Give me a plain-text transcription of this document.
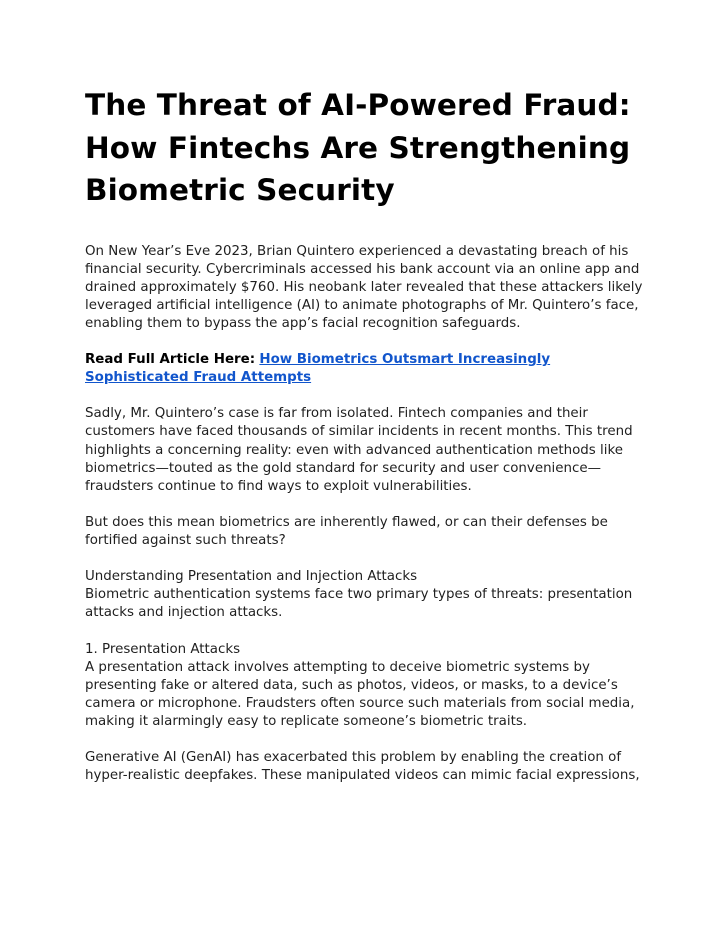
The Threat of AI-Powered Fraud: How Fintechs Are Strengthening Biometric Security

On New Year’s Eve 2023, Brian Quintero experienced a devastating breach of his financial security. Cybercriminals accessed his bank account via an online app and drained approximately $760. His neobank later revealed that these attackers likely leveraged artificial intelligence (AI) to animate photographs of Mr. Quintero’s face, enabling them to bypass the app’s facial recognition safeguards.

Read Full Article Here: How Biometrics Outsmart Increasingly Sophisticated Fraud Attempts

Sadly, Mr. Quintero’s case is far from isolated. Fintech companies and their customers have faced thousands of similar incidents in recent months. This trend highlights a concerning reality: even with advanced authentication methods like biometrics—touted as the gold standard for security and user convenience—fraudsters continue to find ways to exploit vulnerabilities.

But does this mean biometrics are inherently flawed, or can their defenses be fortified against such threats?

Understanding Presentation and Injection Attacks

Biometric authentication systems face two primary types of threats: presentation attacks and injection attacks.

1. Presentation Attacks

A presentation attack involves attempting to deceive biometric systems by presenting fake or altered data, such as photos, videos, or masks, to a device’s camera or microphone. Fraudsters often source such materials from social media, making it alarmingly easy to replicate someone’s biometric traits.

Generative AI (GenAI) has exacerbated this problem by enabling the creation of hyper-realistic deepfakes. These manipulated videos can mimic facial expressions,
